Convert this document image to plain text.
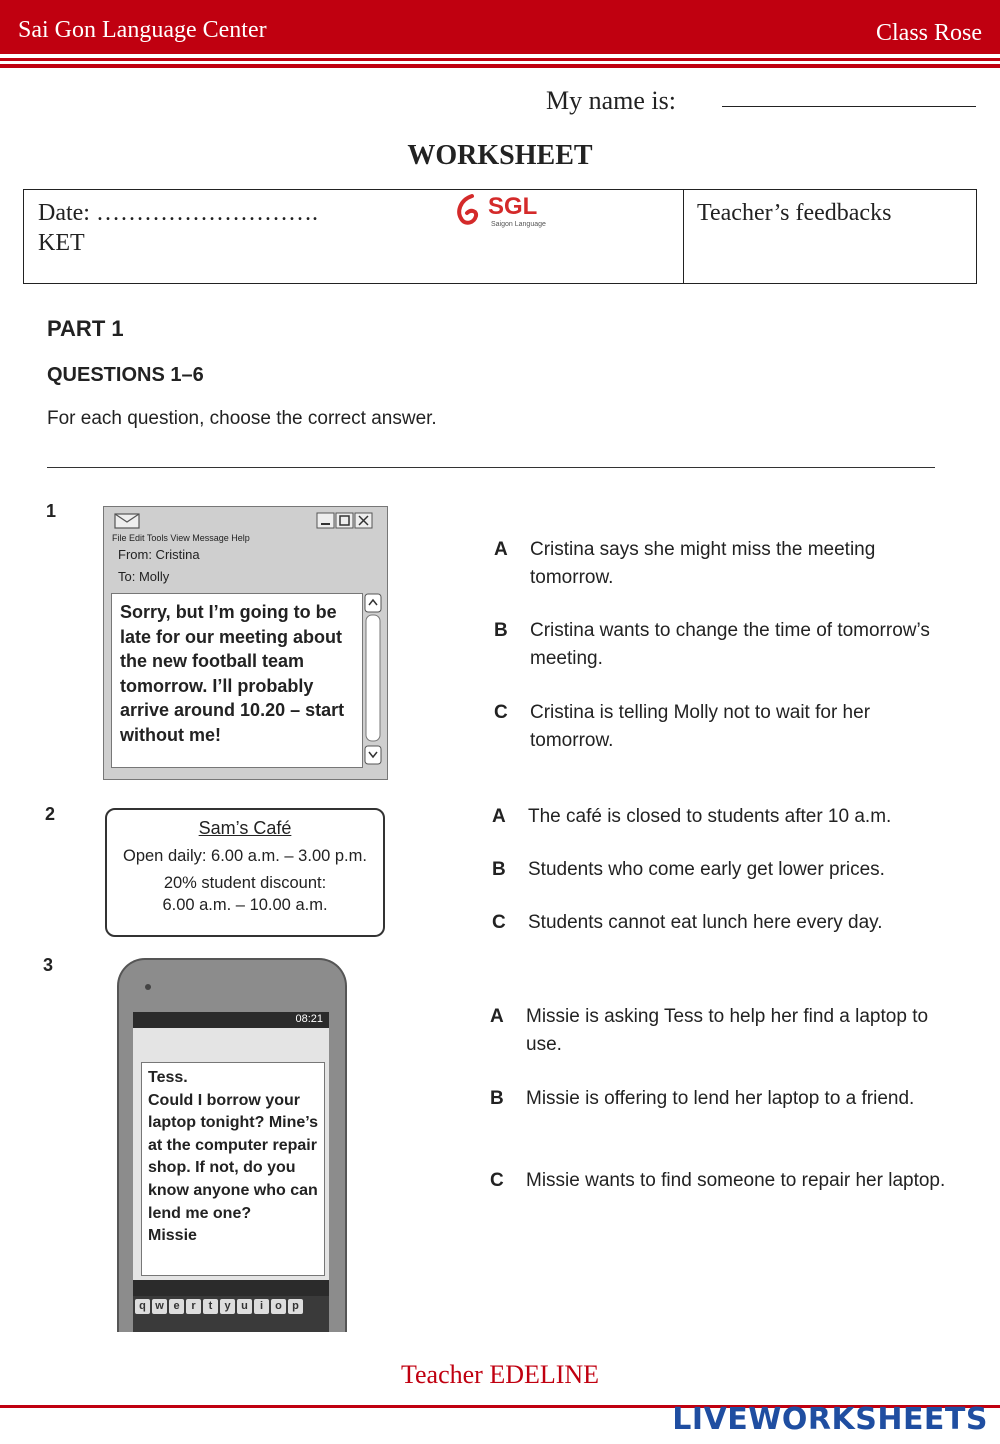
Sai Gon Language Center	Class Rose
My name is:
WORKSHEET
Date: ……………………….
KET
SGL
Saigon Language	Teacher’s feedbacks
PART 1
QUESTIONS 1–6
For each question, choose the correct answer.
1
File Edit Tools View Message Help
From: Cristina
To: Molly
Sorry, but I’m going to be late for our meeting about the new football team tomorrow. I’ll probably arrive around 10.20 – start without me!
A Cristina says she might miss the meeting tomorrow.
B Cristina wants to change the time of tomorrow’s meeting.
C Cristina is telling Molly not to wait for her tomorrow.
2
Sam’s Café
Open daily: 6.00 a.m. – 3.00 p.m.
20% student discount:
6.00 a.m. – 10.00 a.m.
A The café is closed to students after 10 a.m.
B Students who come early get lower prices.
C Students cannot eat lunch here every day.
3
08:21
Tess.
Could I borrow your laptop tonight? Mine’s at the computer repair shop. If not, do you know anyone who can lend me one?
Missie
q w e r t y u i o p
A Missie is asking Tess to help her find a laptop to use.
B Missie is offering to lend her laptop to a friend.
C Missie wants to find someone to repair her laptop.
Teacher EDELINE
LIVEWORKSHEETS
